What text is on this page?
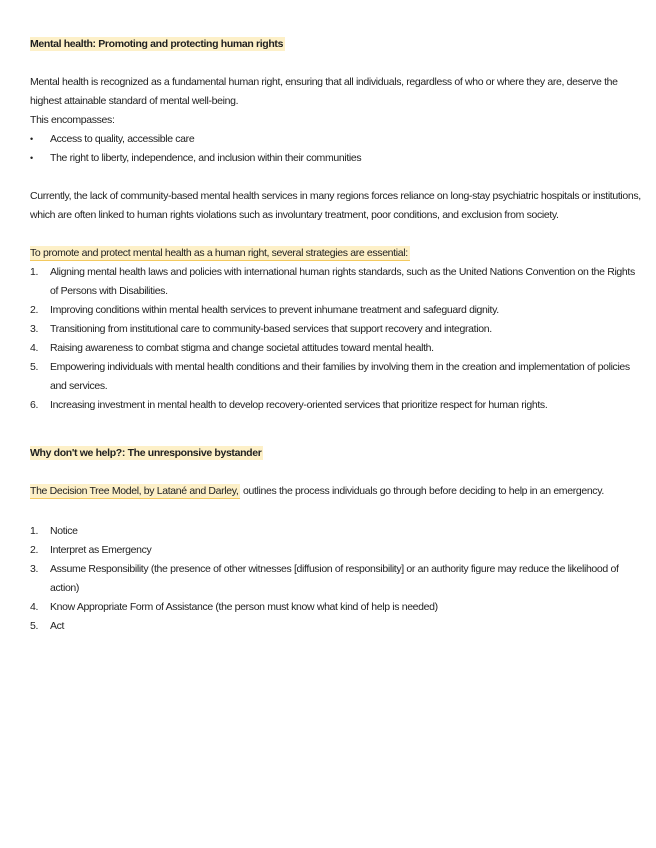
Mental health: Promoting and protecting human rights

Mental health is recognized as a fundamental human right, ensuring that all individuals, regardless of who or where they are, deserve the highest attainable standard of mental well-being.

This encompasses:

• Access to quality, accessible care
• The right to liberty, independence, and inclusion within their communities

Currently, the lack of community-based mental health services in many regions forces reliance on long-stay psychiatric hospitals or institutions, which are often linked to human rights violations such as involuntary treatment, poor conditions, and exclusion from society.

To promote and protect mental health as a human right, several strategies are essential:

1. Aligning mental health laws and policies with international human rights standards, such as the United Nations Convention on the Rights of Persons with Disabilities.
2. Improving conditions within mental health services to prevent inhumane treatment and safeguard dignity.
3. Transitioning from institutional care to community-based services that support recovery and integration.
4. Raising awareness to combat stigma and change societal attitudes toward mental health.
5. Empowering individuals with mental health conditions and their families by involving them in the creation and implementation of policies and services.
6. Increasing investment in mental health to develop recovery-oriented services that prioritize respect for human rights.

Why don't we help?: The unresponsive bystander

The Decision Tree Model, by Latané and Darley, outlines the process individuals go through before deciding to help in an emergency.

1. Notice
2. Interpret as Emergency
3. Assume Responsibility (the presence of other witnesses [diffusion of responsibility] or an authority figure may reduce the likelihood of action)
4. Know Appropriate Form of Assistance (the person must know what kind of help is needed)
5. Act
